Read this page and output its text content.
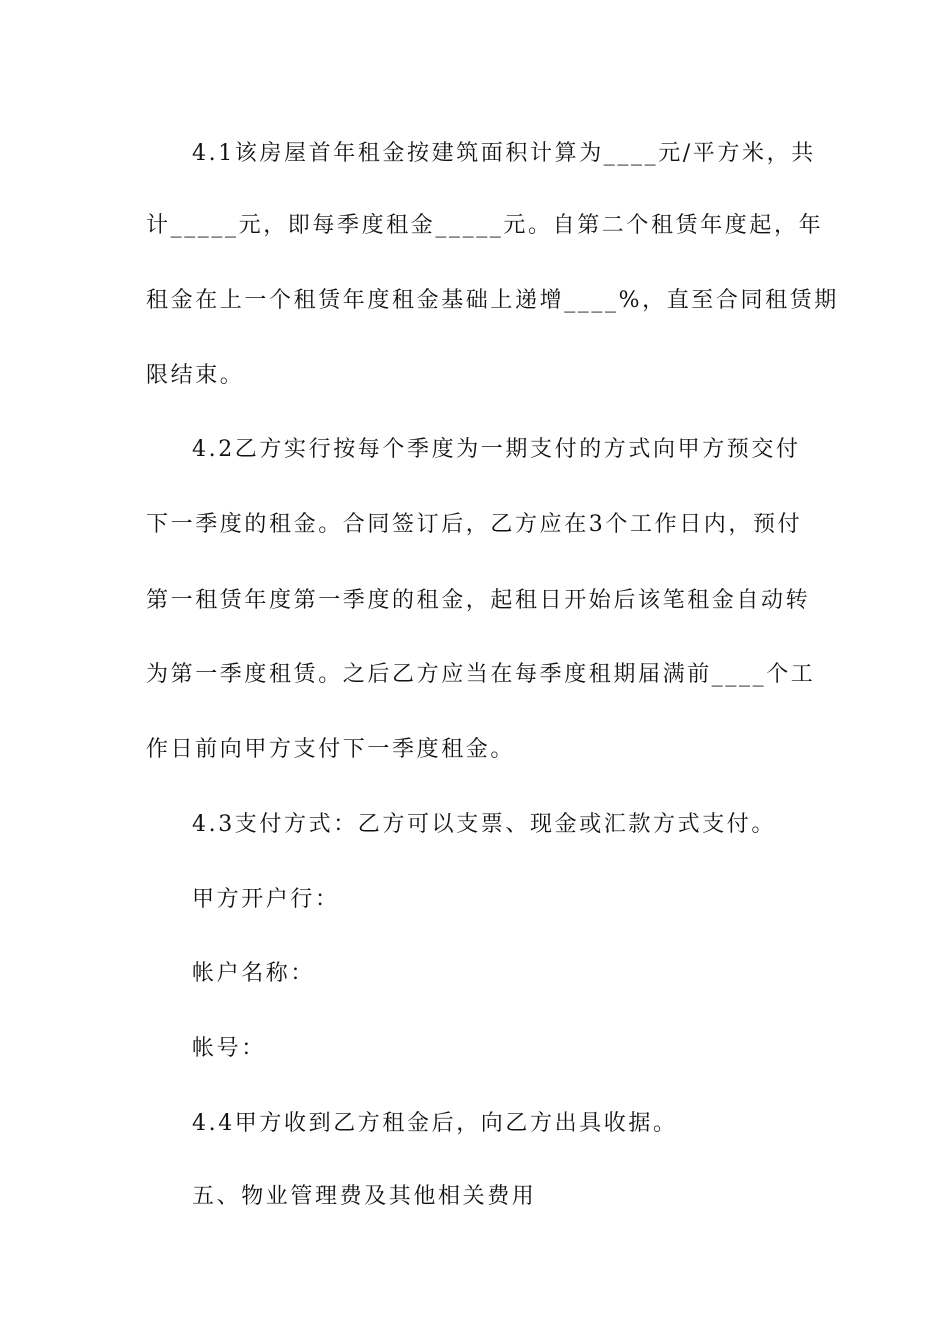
4.1该房屋首年租金按建筑面积计算为____元/平方米，共
计_____元，即每季度租金_____元。自第二个租赁年度起，年
租金在上一个租赁年度租金基础上递增____%，直至合同租赁期
限结束。
4.2乙方实行按每个季度为一期支付的方式向甲方预交付
下一季度的租金。合同签订后，乙方应在3个工作日内，预付
第一租赁年度第一季度的租金，起租日开始后该笔租金自动转
为第一季度租赁。之后乙方应当在每季度租期届满前____个工
作日前向甲方支付下一季度租金。
4.3支付方式：乙方可以支票、现金或汇款方式支付。
甲方开户行：
帐户名称：
帐号：
4.4甲方收到乙方租金后，向乙方出具收据。
五、物业管理费及其他相关费用
